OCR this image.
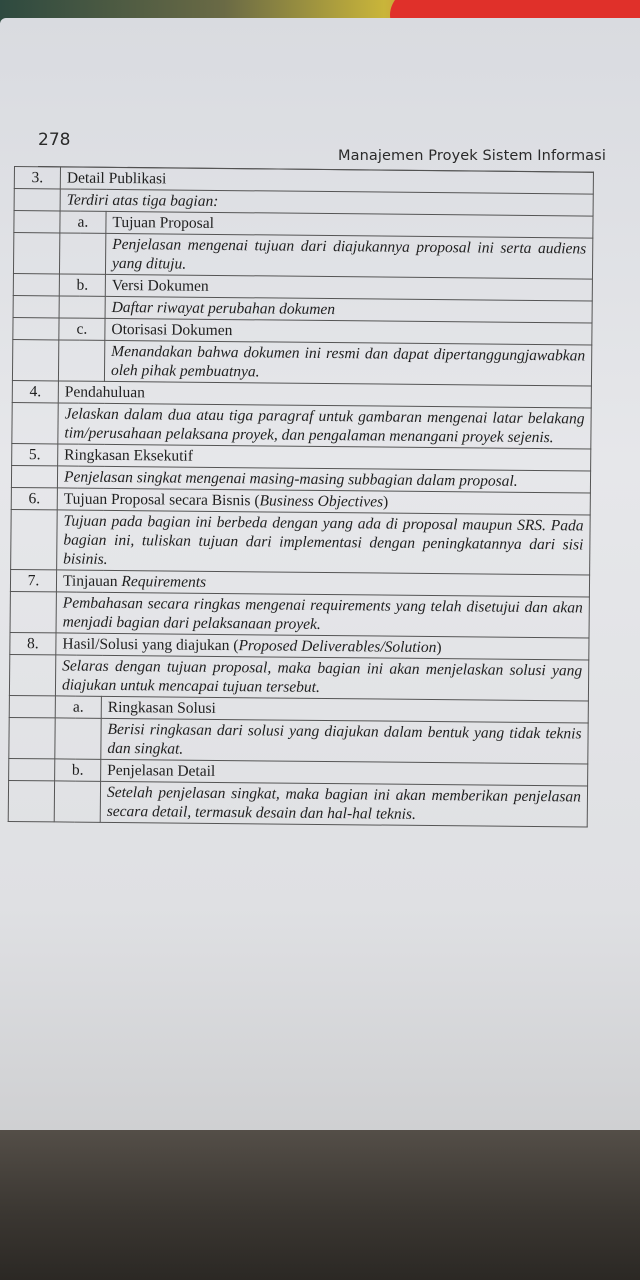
278
Manajemen Proyek Sistem Informasi
3.	Detail Publikasi	
	Terdiri atas tiga bagian:	
	a.	Tujuan Proposal
		Penjelasan mengenai tujuan dari diajukannya proposal ini serta audiens yang dituju.
	b.	Versi Dokumen
		Daftar riwayat perubahan dokumen
	c.	Otorisasi Dokumen
		Menandakan bahwa dokumen ini resmi dan dapat dipertanggungjawabkan oleh pihak pembuatnya.
4.	Pendahuluan	
	Jelaskan dalam dua atau tiga paragraf untuk gambaran mengenai latar belakang tim/perusahaan pelaksana proyek, dan pengalaman menangani proyek sejenis.	
5.	Ringkasan Eksekutif	
	Penjelasan singkat mengenai masing-masing subbagian dalam proposal.	
6.	Tujuan Proposal secara Bisnis (Business Objectives)	
	Tujuan pada bagian ini berbeda dengan yang ada di proposal maupun SRS. Pada bagian ini, tuliskan tujuan dari implementasi dengan peningkatannya dari sisi bisinis.	
7.	Tinjauan Requirements	
	Pembahasan secara ringkas mengenai requirements yang telah disetujui dan akan menjadi bagian dari pelaksanaan proyek.	
8.	Hasil/Solusi yang diajukan (Proposed Deliverables/Solution)	
	Selaras dengan tujuan proposal, maka bagian ini akan menjelaskan solusi yang diajukan untuk mencapai tujuan tersebut.	
	a.	Ringkasan Solusi
		Berisi ringkasan dari solusi yang diajukan dalam bentuk yang tidak teknis dan singkat.
	b.	Penjelasan Detail
		Setelah penjelasan singkat, maka bagian ini akan memberikan penjelasan secara detail, termasuk desain dan hal-hal teknis.
